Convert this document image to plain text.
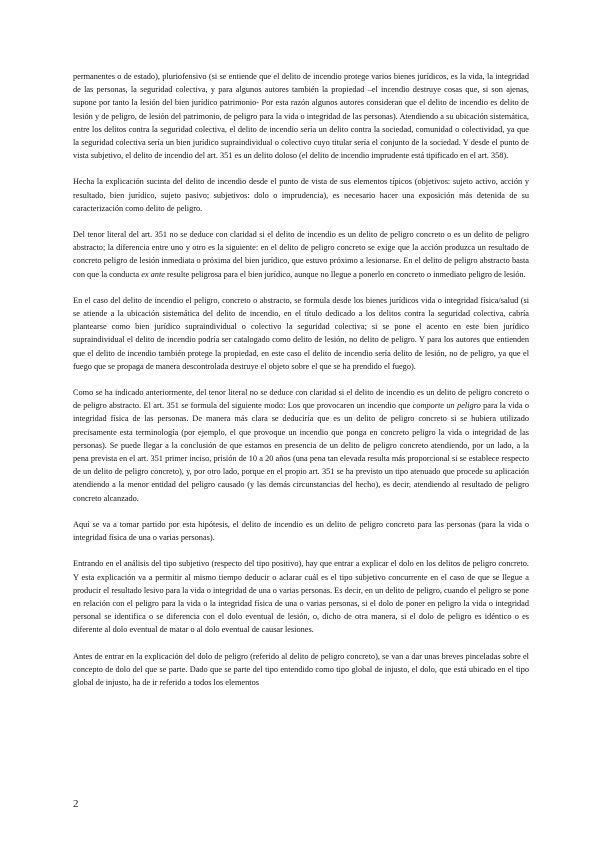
permanentes o de estado), pluriofensivo (si se entiende que el delito de incendio protege varios bienes jurídicos, es la vida, la integridad de las personas, la seguridad colectiva, y para algunos autores también la propiedad –el incendio destruye cosas que, si son ajenas, supone por tanto la lesión del bien jurídico patrimonio- Por esta razón algunos autores consideran que el delito de incendio es delito de lesión y de peligro, de lesión del patrimonio, de peligro para la vida o integridad de las personas). Atendiendo a su ubicación sistemática, entre los delitos contra la seguridad colectiva, el delito de incendio sería un delito contra la sociedad, comunidad o colectividad, ya que la seguridad colectiva sería un bien jurídico supraindividual o colectivo cuyo titular sería el conjunto de la sociedad. Y desde el punto de vista subjetivo, el delito de incendio del art. 351 es un delito doloso (el delito de incendio imprudente está tipificado en el art. 358).

Hecha la explicación sucinta del delito de incendio desde el punto de vista de sus elementos típicos (objetivos: sujeto activo, acción y resultado, bien jurídico, sujeto pasivo; subjetivos: dolo o imprudencia), es necesario hacer una exposición más detenida de su caracterización como delito de peligro.

Del tenor literal del art. 351 no se deduce con claridad si el delito de incendio es un delito de peligro concreto o es un delito de peligro abstracto; la diferencia entre uno y otro es la siguiente: en el delito de peligro concreto se exige que la acción produzca un resultado de concreto peligro de lesión inmediata o próxima del bien jurídico, que estuvo próximo a lesionarse. En el delito de peligro abstracto basta con que la conducta ex ante resulte peligrosa para el bien jurídico, aunque no llegue a ponerlo en concreto o inmediato peligro de lesión.

En el caso del delito de incendio el peligro, concreto o abstracto, se formula desde los bienes jurídicos vida o integridad física/salud (si se atiende a la ubicación sistemática del delito de incendio, en el título dedicado a los delitos contra la seguridad colectiva, cabría plantearse como bien jurídico supraindividual o colectivo la seguridad colectiva; si se pone el acento en este bien jurídico supraindividual el delito de incendio podría ser catalogado como delito de lesión, no delito de peligro. Y para los autores que entienden que el delito de incendio también protege la propiedad, en este caso el delito de incendio sería delito de lesión, no de peligro, ya que el fuego que se propaga de manera descontrolada destruye el objeto sobre el que se ha prendido el fuego).

Como se ha indicado anteriormente, del tenor literal no se deduce con claridad si el delito de incendio es un delito de peligro concreto o de peligro abstracto. El art. 351 se formula del siguiente modo: Los que provocaren un incendio que comporte un peligro para la vida o integridad física de las personas. De manera más clara se deduciría que es un delito de peligro concreto si se hubiera utilizado precisamente esta terminología (por ejemplo, el que provoque un incendio que ponga en concreto peligro la vida o integridad de las personas). Se puede llegar a la conclusión de que estamos en presencia de un delito de peligro concreto atendiendo, por un lado, a la pena prevista en el art. 351 primer inciso, prisión de 10 a 20 años (una pena tan elevada resulta más proporcional si se establece respecto de un delito de peligro concreto), y, por otro lado, porque en el propio art. 351 se ha previsto un tipo atenuado que procede su aplicación atendiendo a la menor entidad del peligro causado (y las demás circunstancias del hecho), es decir, atendiendo al resultado de peligro concreto alcanzado.

Aquí se va a tomar partido por esta hipótesis, el delito de incendio es un delito de peligro concreto para las personas (para la vida o integridad física de una o varias personas).

Entrando en el análisis del tipo subjetivo (respecto del tipo positivo), hay que entrar a explicar el dolo en los delitos de peligro concreto. Y esta explicación va a permitir al mismo tiempo deducir o aclarar cuál es el tipo subjetivo concurrente en el caso de que se llegue a producir el resultado lesivo para la vida o integridad de una o varias personas. Es decir, en un delito de peligro, cuando el peligro se pone en relación con el peligro para la vida o la integridad física de una o varias personas, si el dolo de poner en peligro la vida o integridad personal se identifica o se diferencia con el dolo eventual de lesión, o, dicho de otra manera, si el dolo de peligro es idéntico o es diferente al dolo eventual de matar o al dolo eventual de causar lesiones.

Antes de entrar en la explicación del dolo de peligro (referido al delito de peligro concreto), se van a dar unas breves pinceladas sobre el concepto de dolo del que se parte. Dado que se parte del tipo entendido como tipo global de injusto, el dolo, que está ubicado en el tipo global de injusto, ha de ir referido a todos los elementos

2
